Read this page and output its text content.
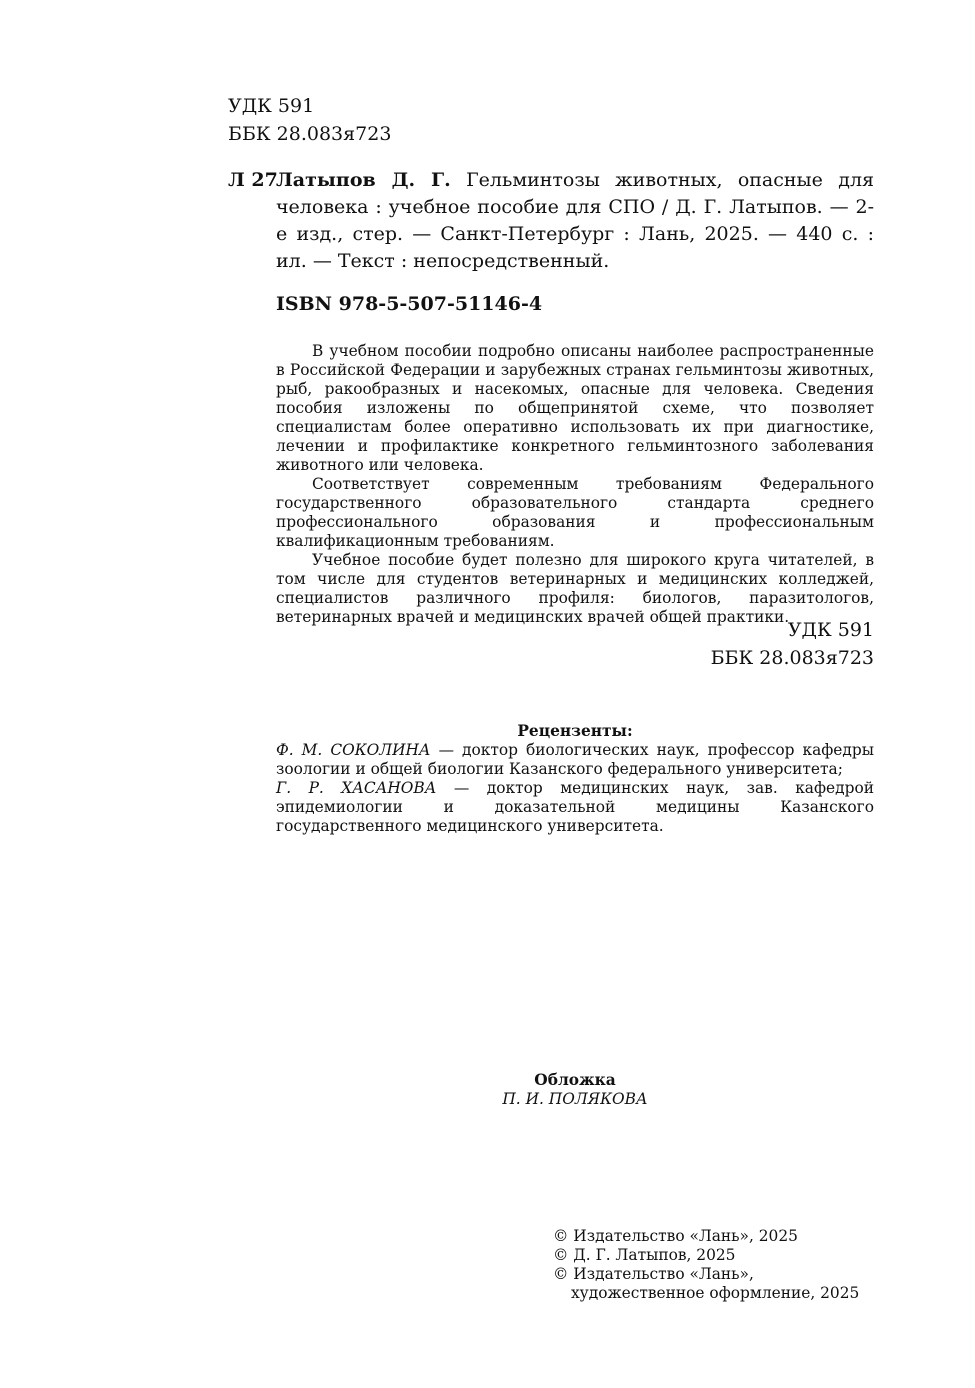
УДК 591
ББК 28.083я723
Л 27
Латыпов Д. Г. Гельминтозы животных, опасные для человека : учебное пособие для СПО / Д. Г. Латыпов. — 2-е изд., стер. — Санкт-Петербург : Лань, 2025. — 440 с. : ил. — Текст : непосредственный.
ISBN 978-5-507-51146-4

В учебном пособии подробно описаны наиболее распространенные в Российской Федерации и зарубежных странах гельминтозы животных, рыб, ракообразных и насекомых, опасные для человека. Сведения пособия изложены по общепринятой схеме, что позволяет специалистам более оперативно использовать их при диагностике, лечении и профилактике конкретного гельминтозного заболевания животного или человека.

Соответствует современным требованиям Федерального государственного образовательного стандарта среднего профессионального образования и профессиональным квалификационным требованиям.

Учебное пособие будет полезно для широкого круга читателей, в том числе для студентов ветеринарных и медицинских колледжей, специалистов различного профиля: биологов, паразитологов, ветеринарных врачей и медицинских врачей общей практики.

УДК 591
ББК 28.083я723
Рецензенты:

Ф. М. СОКОЛИНА — доктор биологических наук, профессор кафедры зоологии и общей биологии Казанского федерального университета;

Г. Р. ХАСАНОВА — доктор медицинских наук, зав. кафедрой эпидемиологии и доказательной медицины Казанского государственного медицинского университета.

Обложка
П. И. ПОЛЯКОВА
© Издательство «Лань», 2025
© Д. Г. Латыпов, 2025
© Издательство «Лань»,
художественное оформление, 2025
